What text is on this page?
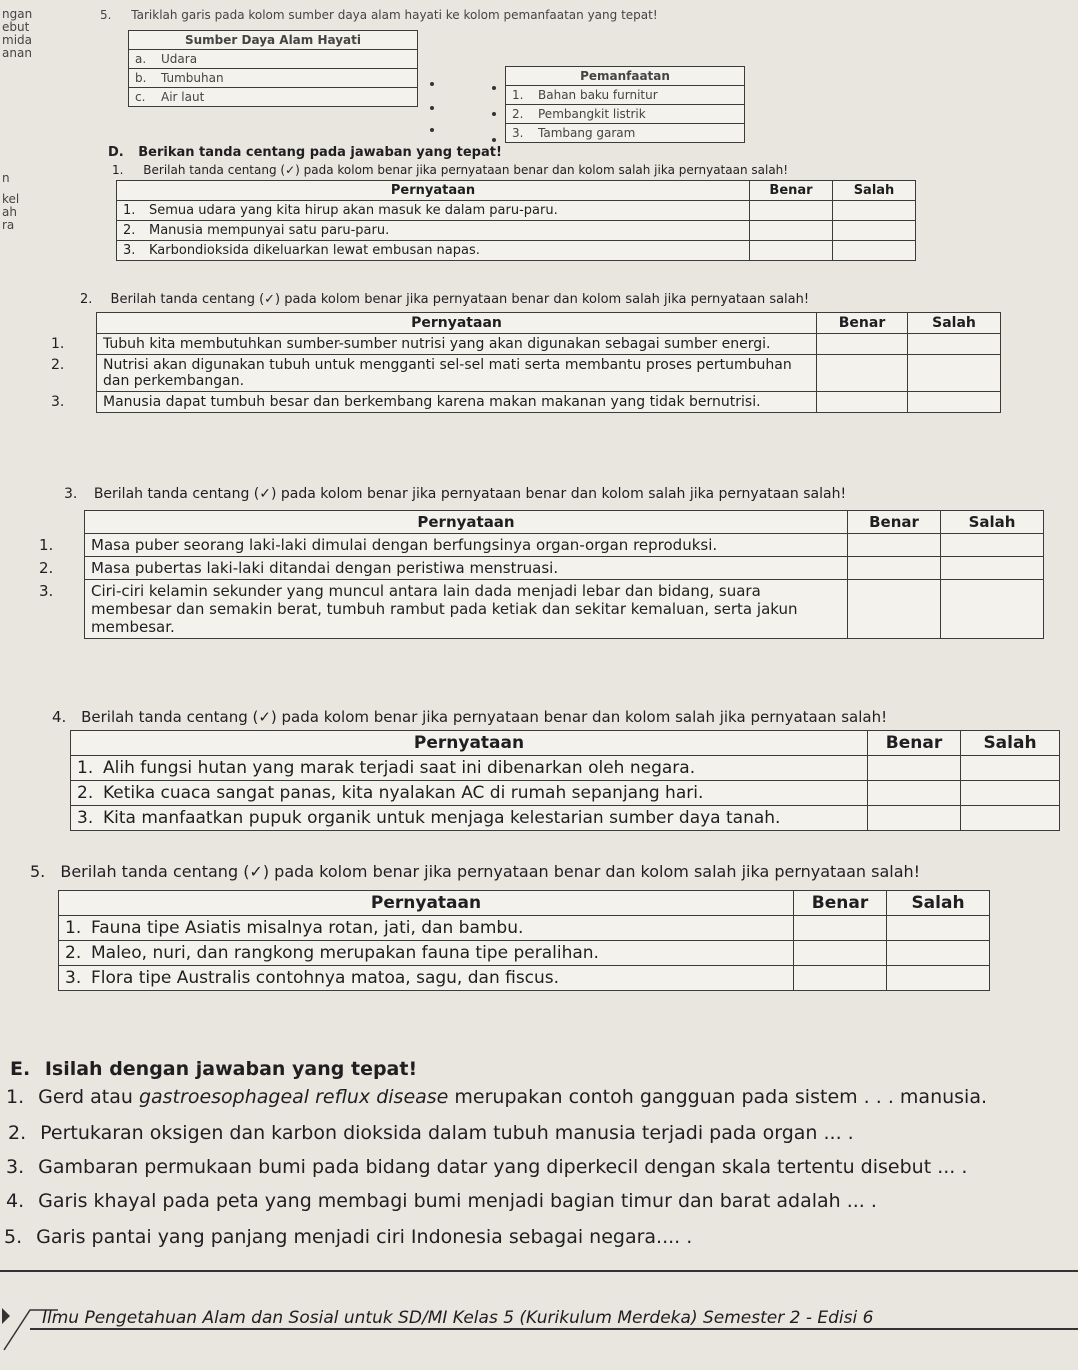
ngan
ebut
mida
anan
n
kel
ah
ra
5. Tariklah garis pada kolom sumber daya alam hayati ke kolom pemanfaatan yang tepat!
Sumber Daya Alam Hayati
a. Udara
b. Tumbuhan
c. Air laut
Pemanfaatan
1. Bahan baku furnitur
2. Pembangkit listrik
3. Tambang garam
D. Berikan tanda centang pada jawaban yang tepat!
1. Berilah tanda centang (✓) pada kolom benar jika pernyataan benar dan kolom salah jika pernyataan salah!
Pernyataan	Benar	Salah
1. Semua udara yang kita hirup akan masuk ke dalam paru-paru.		
2. Manusia mempunyai satu paru-paru.		
3. Karbondioksida dikeluarkan lewat embusan napas.		
2. Berilah tanda centang (✓) pada kolom benar jika pernyataan benar dan kolom salah jika pernyataan salah!
Pernyataan	Benar	Salah
1. Tubuh kita membutuhkan sumber-sumber nutrisi yang akan digunakan sebagai sumber energi.		
2. Nutrisi akan digunakan tubuh untuk mengganti sel-sel mati serta membantu proses pertumbuhan dan perkembangan.		
3. Manusia dapat tumbuh besar dan berkembang karena makan makanan yang tidak bernutrisi.		
3. Berilah tanda centang (✓) pada kolom benar jika pernyataan benar dan kolom salah jika pernyataan salah!
Pernyataan	Benar	Salah
1. Masa puber seorang laki-laki dimulai dengan berfungsinya organ-organ reproduksi.		
2. Masa pubertas laki-laki ditandai dengan peristiwa menstruasi.		
3. Ciri-ciri kelamin sekunder yang muncul antara lain dada menjadi lebar dan bidang, suara membesar dan semakin berat, tumbuh rambut pada ketiak dan sekitar kemaluan, serta jakun membesar.		
4. Berilah tanda centang (✓) pada kolom benar jika pernyataan benar dan kolom salah jika pernyataan salah!
Pernyataan	Benar	Salah
1. Alih fungsi hutan yang marak terjadi saat ini dibenarkan oleh negara.		
2. Ketika cuaca sangat panas, kita nyalakan AC di rumah sepanjang hari.		
3. Kita manfaatkan pupuk organik untuk menjaga kelestarian sumber daya tanah.		
5. Berilah tanda centang (✓) pada kolom benar jika pernyataan benar dan kolom salah jika pernyataan salah!
Pernyataan	Benar	Salah
1. Fauna tipe Asiatis misalnya rotan, jati, dan bambu.		
2. Maleo, nuri, dan rangkong merupakan fauna tipe peralihan.		
3. Flora tipe Australis contohnya matoa, sagu, dan fiscus.		
E. Isilah dengan jawaban yang tepat!
1. Gerd atau gastroesophageal reflux disease merupakan contoh gangguan pada sistem . . . manusia.
2. Pertukaran oksigen dan karbon dioksida dalam tubuh manusia terjadi pada organ ... .
3. Gambaran permukaan bumi pada bidang datar yang diperkecil dengan skala tertentu disebut ... .
4. Garis khayal pada peta yang membagi bumi menjadi bagian timur dan barat adalah ... .
5. Garis pantai yang panjang menjadi ciri Indonesia sebagai negara.... .
Ilmu Pengetahuan Alam dan Sosial untuk SD/MI Kelas 5 (Kurikulum Merdeka) Semester 2 - Edisi 6
